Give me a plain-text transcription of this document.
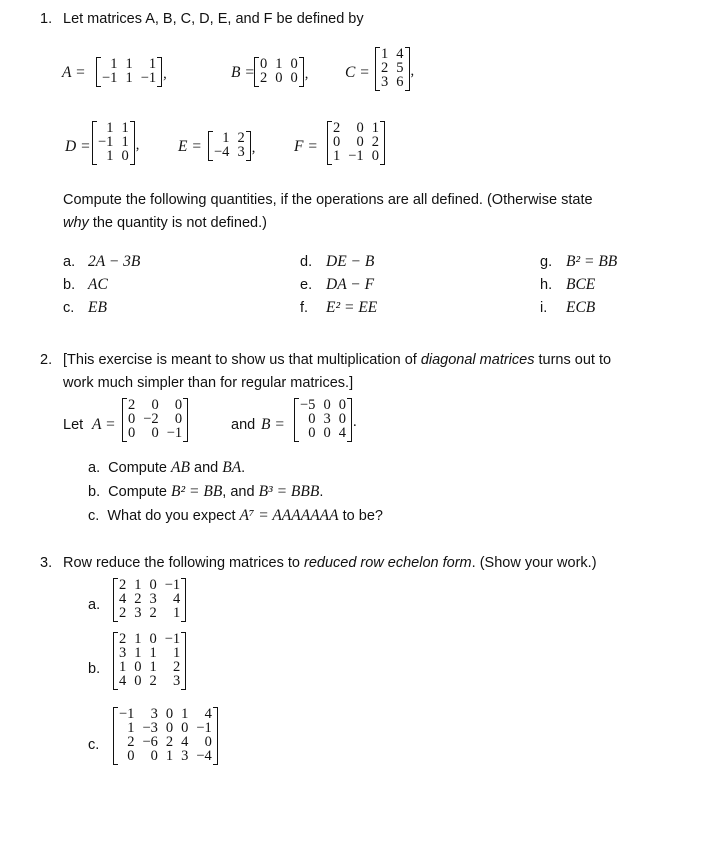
1. Let matrices A, B, C, D, E, and F be defined by
A = 1	1	1
−1	1	−1 ,	B = 0	1	0
2	0	0 , C =
1	4
2	5
3	6
,
D =
1	1
−1	1
1	0
, E = 1	2
−4	3 , F =
2	0	1
0	0	2
1	−1	0
Compute the following quantities, if the operations are all defined. (Otherwise state
why the quantity is not defined.)
a. 2A − 3B
b. AC
c. EB
d. DE − B
e. DA − F
f. E² = EE
g. B² = BB
h. BCE
i. ECB
2. [This exercise is meant to show us that multiplication of diagonal matrices turns out to
work much simpler than for regular matrices.]
Let A =
2	0	0
0	−2	0
0	0	−1	and B =
−5	0	0
0	3	0
0	0	4
.
a. Compute AB and BA.
b. Compute B² = BB, and B³ = BBB.
c. What do you expect A⁷ = AAAAAAA to be?
3. Row reduce the following matrices to reduced row echelon form. (Show your work.)
a.
2	1	0	−1
4	2	3	4
2	3	2	1
b.
2	1	0	−1
3	1	1	1
1	0	1	2
4	0	2	3
c.
−1	3	0	1	4
1	−3	0	0	−1
2	−6	2	4	0
0	0	1	3	−4
